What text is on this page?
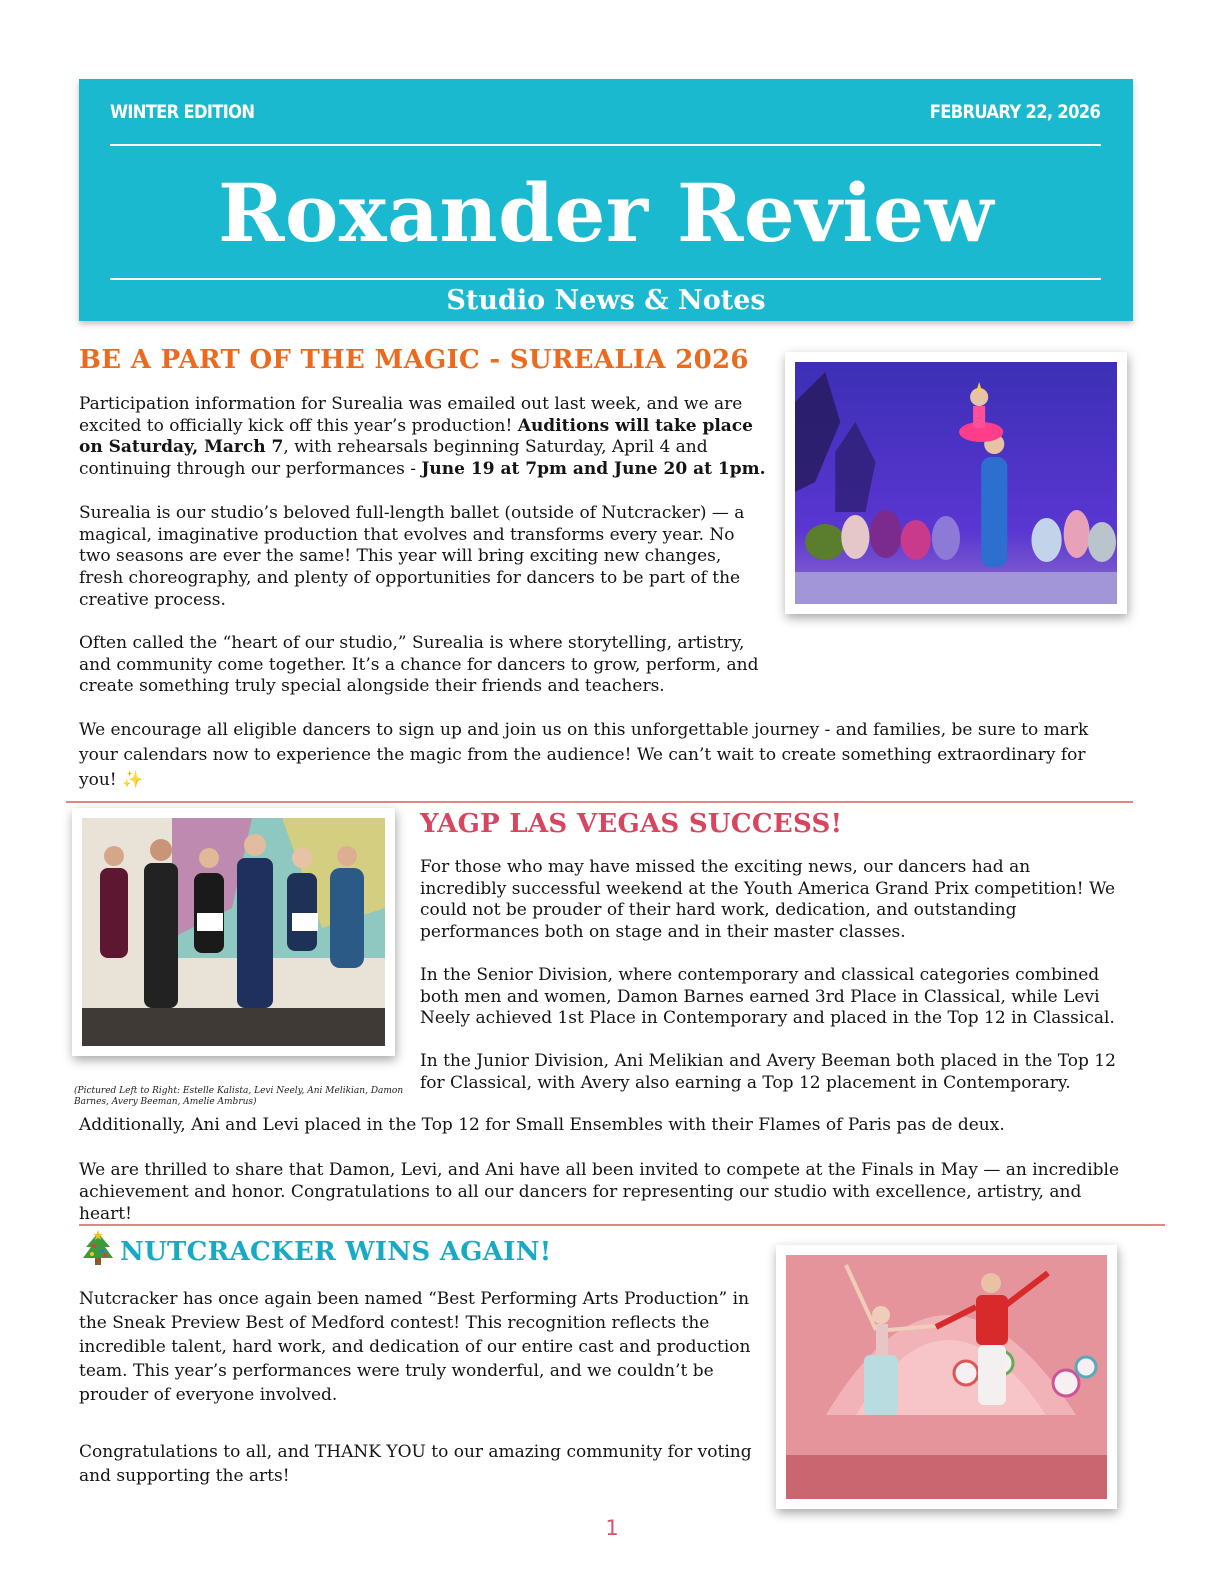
WINTER EDITION	FEBRUARY 22, 2026
Roxander Review
Studio News & Notes
BE A PART OF THE MAGIC - SUREALIA 2026

Participation information for Surealia was emailed out last week, and we are excited to officially kick off this year’s production! Auditions will take place on Saturday, March 7, with rehearsals beginning Saturday, April 4 and continuing through our performances - June 19 at 7pm and June 20 at 1pm.

Surealia is our studio’s beloved full-length ballet (outside of Nutcracker) — a magical, imaginative production that evolves and transforms every year. No two seasons are ever the same! This year will bring exciting new changes, fresh choreography, and plenty of opportunities for dancers to be part of the creative process.

Often called the “heart of our studio,” Surealia is where storytelling, artistry, and community come together. It’s a chance for dancers to grow, perform, and create something truly special alongside their friends and teachers.

We encourage all eligible dancers to sign up and join us on this unforgettable journey - and families, be sure to mark your calendars now to experience the magic from the audience! We can’t wait to create something extraordinary for you! ✨

(Pictured Left to Right: Estelle Kalista, Levi Neely, Ani Melikian, Damon Barnes, Avery Beeman, Amelie Ambrus)
YAGP LAS VEGAS SUCCESS!

For those who may have missed the exciting news, our dancers had an incredibly successful weekend at the Youth America Grand Prix competition! We could not be prouder of their hard work, dedication, and outstanding performances both on stage and in their master classes.

In the Senior Division, where contemporary and classical categories combined both men and women, Damon Barnes earned 3rd Place in Classical, while Levi Neely achieved 1st Place in Contemporary and placed in the Top 12 in Classical.

In the Junior Division, Ani Melikian and Avery Beeman both placed in the Top 12 for Classical, with Avery also earning a Top 12 placement in Contemporary.

Additionally, Ani and Levi placed in the Top 12 for Small Ensembles with their Flames of Paris pas de deux.

We are thrilled to share that Damon, Levi, and Ani have all been invited to compete at the Finals in May — an incredible achievement and honor. Congratulations to all our dancers for representing our studio with excellence, artistry, and heart!

NUTCRACKER WINS AGAIN!

Nutcracker has once again been named “Best Performing Arts Production” in the Sneak Preview Best of Medford contest! This recognition reflects the incredible talent, hard work, and dedication of our entire cast and production team. This year’s performances were truly wonderful, and we couldn’t be prouder of everyone involved.

Congratulations to all, and THANK YOU to our amazing community for voting and supporting the arts!

1
